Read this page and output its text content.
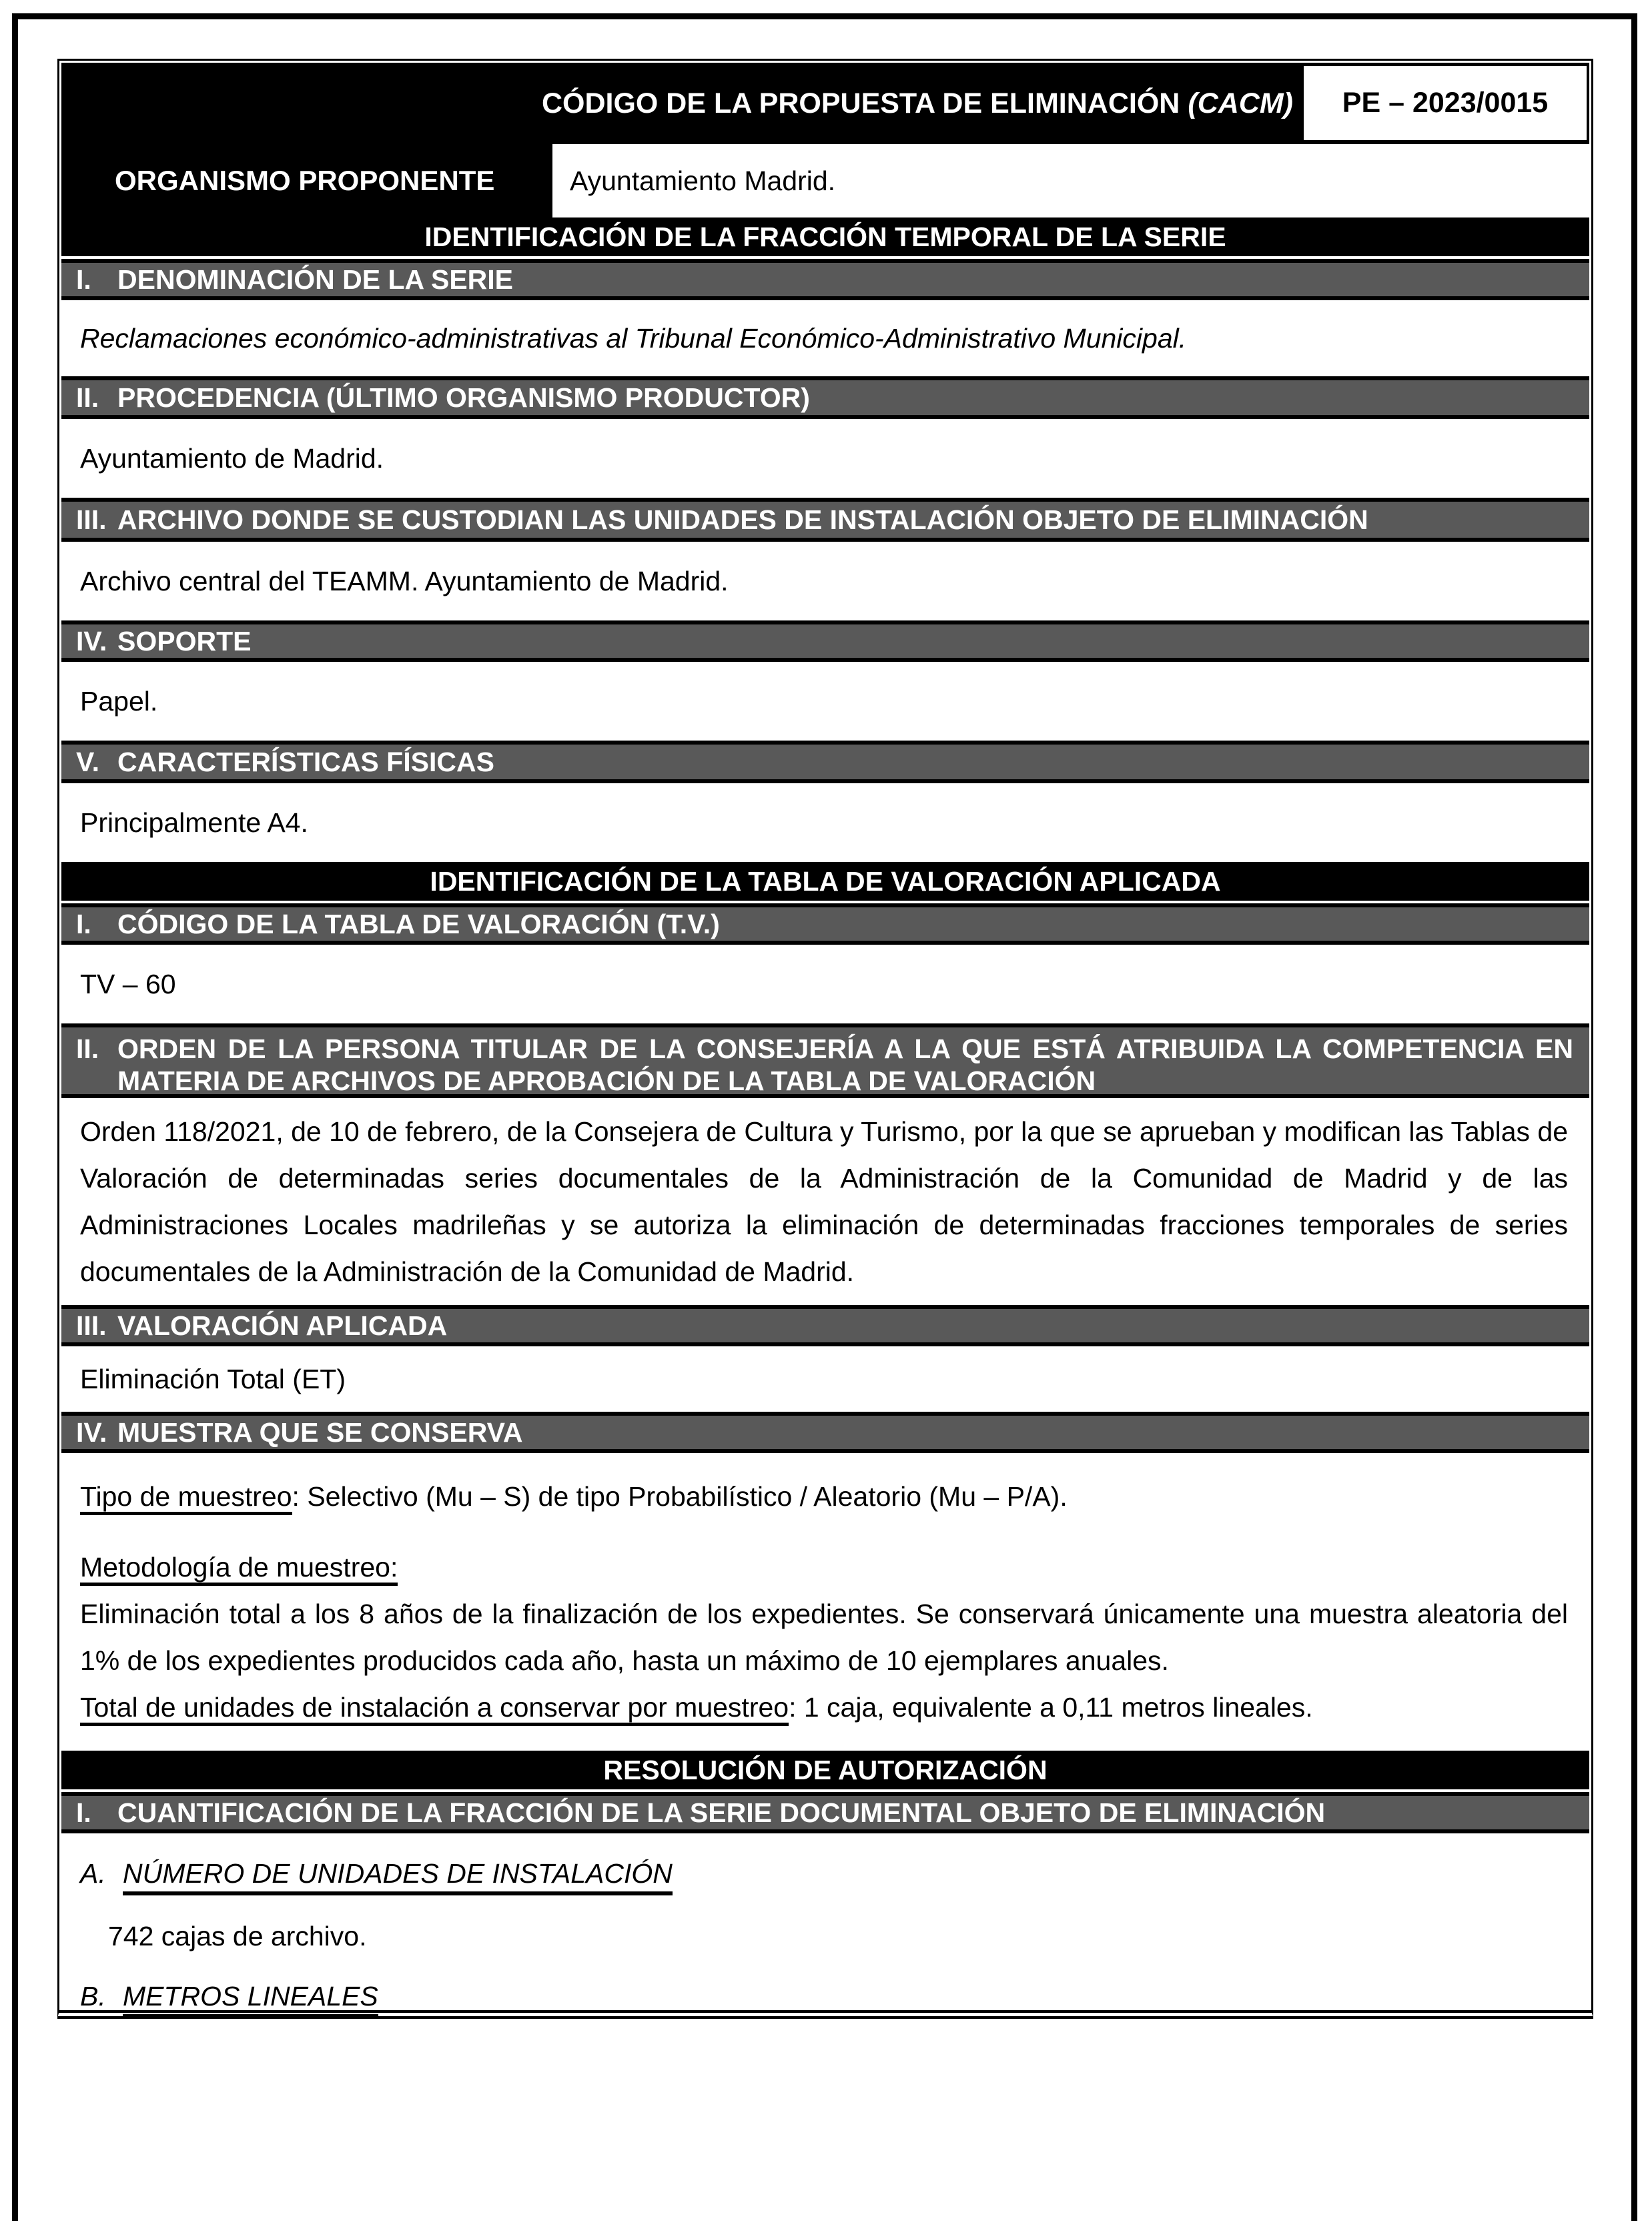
CÓDIGO DE LA PROPUESTA DE ELIMINACIÓN (CACM)	PE – 2023/0015
ORGANISMO PROPONENTE	Ayuntamiento Madrid.
IDENTIFICACIÓN DE LA FRACCIÓN TEMPORAL DE LA SERIE
I. DENOMINACIÓN DE LA SERIE
Reclamaciones económico-administrativas al Tribunal Económico-Administrativo Municipal.
II. PROCEDENCIA (ÚLTIMO ORGANISMO PRODUCTOR)
Ayuntamiento de Madrid.
III. ARCHIVO DONDE SE CUSTODIAN LAS UNIDADES DE INSTALACIÓN OBJETO DE ELIMINACIÓN
Archivo central del TEAMM. Ayuntamiento de Madrid.
IV. SOPORTE
Papel.
V. CARACTERÍSTICAS FÍSICAS
Principalmente A4.
IDENTIFICACIÓN DE LA TABLA DE VALORACIÓN APLICADA
I. CÓDIGO DE LA TABLA DE VALORACIÓN (T.V.)
TV – 60
II. ORDEN DE LA PERSONA TITULAR DE LA CONSEJERÍA A LA QUE ESTÁ ATRIBUIDA LA COMPETENCIA EN MATERIA DE ARCHIVOS DE APROBACIÓN DE LA TABLA DE VALORACIÓN
Orden 118/2021, de 10 de febrero, de la Consejera de Cultura y Turismo, por la que se aprueban y modifican las Tablas de Valoración de determinadas series documentales de la Administración de la Comunidad de Madrid y de las Administraciones Locales madrileñas y se autoriza la eliminación de determinadas fracciones temporales de series documentales de la Administración de la Comunidad de Madrid.
III. VALORACIÓN APLICADA
Eliminación Total (ET)
IV. MUESTRA QUE SE CONSERVA

Tipo de muestreo: Selectivo (Mu – S) de tipo Probabilístico / Aleatorio (Mu – P/A).

Metodología de muestreo:
Eliminación total a los 8 años de la finalización de los expedientes. Se conservará únicamente una muestra aleatoria del 1% de los expedientes producidos cada año, hasta un máximo de 10 ejemplares anuales.

Total de unidades de instalación a conservar por muestreo: 1 caja, equivalente a 0,11 metros lineales.

RESOLUCIÓN DE AUTORIZACIÓN
I. CUANTIFICACIÓN DE LA FRACCIÓN DE LA SERIE DOCUMENTAL OBJETO DE ELIMINACIÓN

A. NÚMERO DE UNIDADES DE INSTALACIÓN

742 cajas de archivo.

B. METROS LINEALES
